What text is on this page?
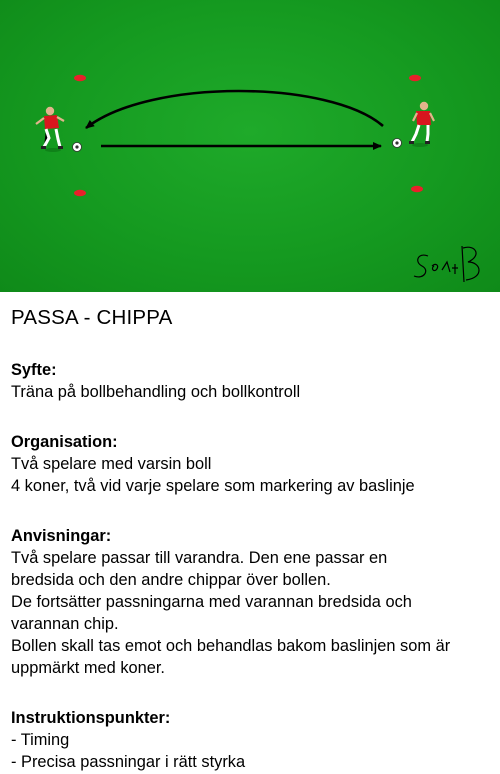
PASSA - CHIPPA
Syfte:
Träna på bollbehandling och bollkontroll
Organisation:
Två spelare med varsin boll
4 koner, två vid varje spelare som markering av baslinje
Anvisningar:
Två spelare passar till varandra. Den ene passar en
bredsida och den andre chippar över bollen.
De fortsätter passningarna med varannan bredsida och
varannan chip.
Bollen skall tas emot och behandlas bakom baslinjen som är
uppmärkt med koner.
Instruktionspunkter:
- Timing
- Precisa passningar i rätt styrka
